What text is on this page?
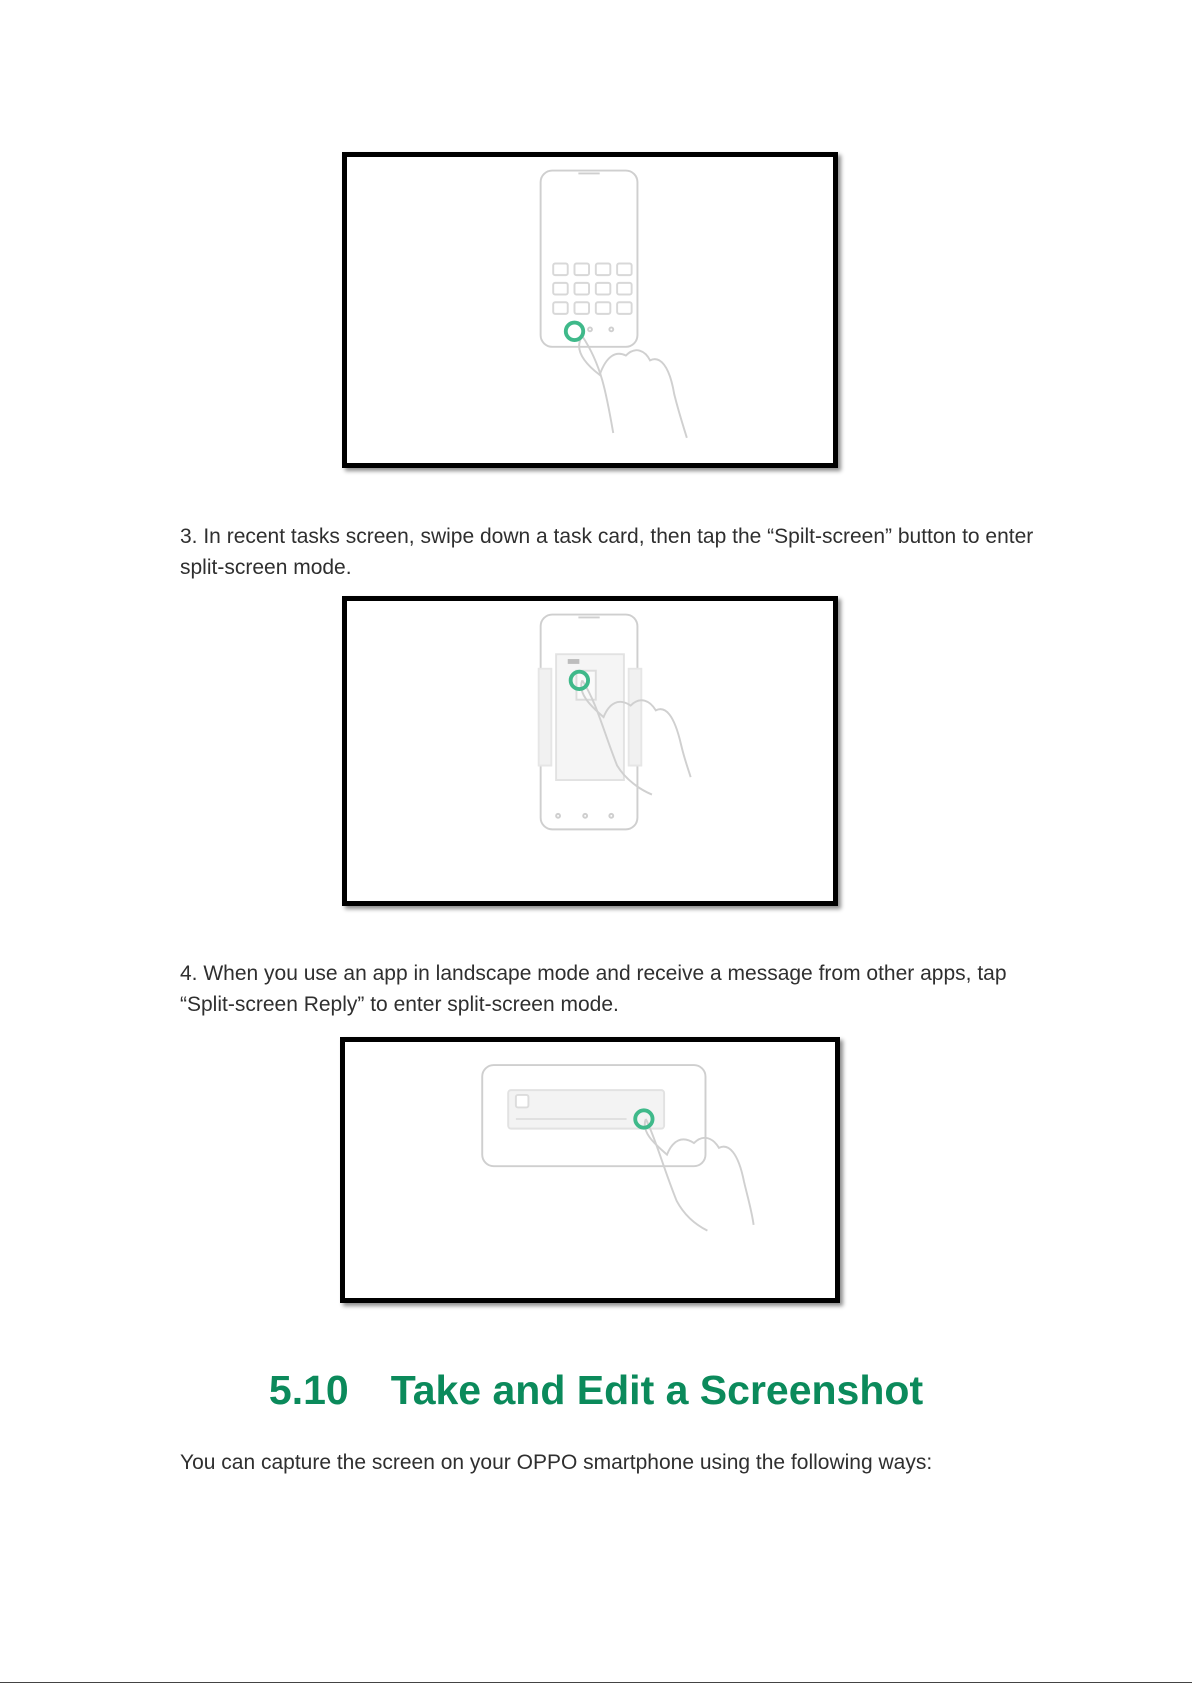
3. In recent tasks screen, swipe down a task card, then tap the “Spilt-screen” button to enter split-screen mode.

4. When you use an app in landscape mode and receive a message from other apps, tap “Split-screen Reply” to enter split-screen mode.

5.10 Take and Edit a Screenshot

You can capture the screen on your OPPO smartphone using the following ways:
